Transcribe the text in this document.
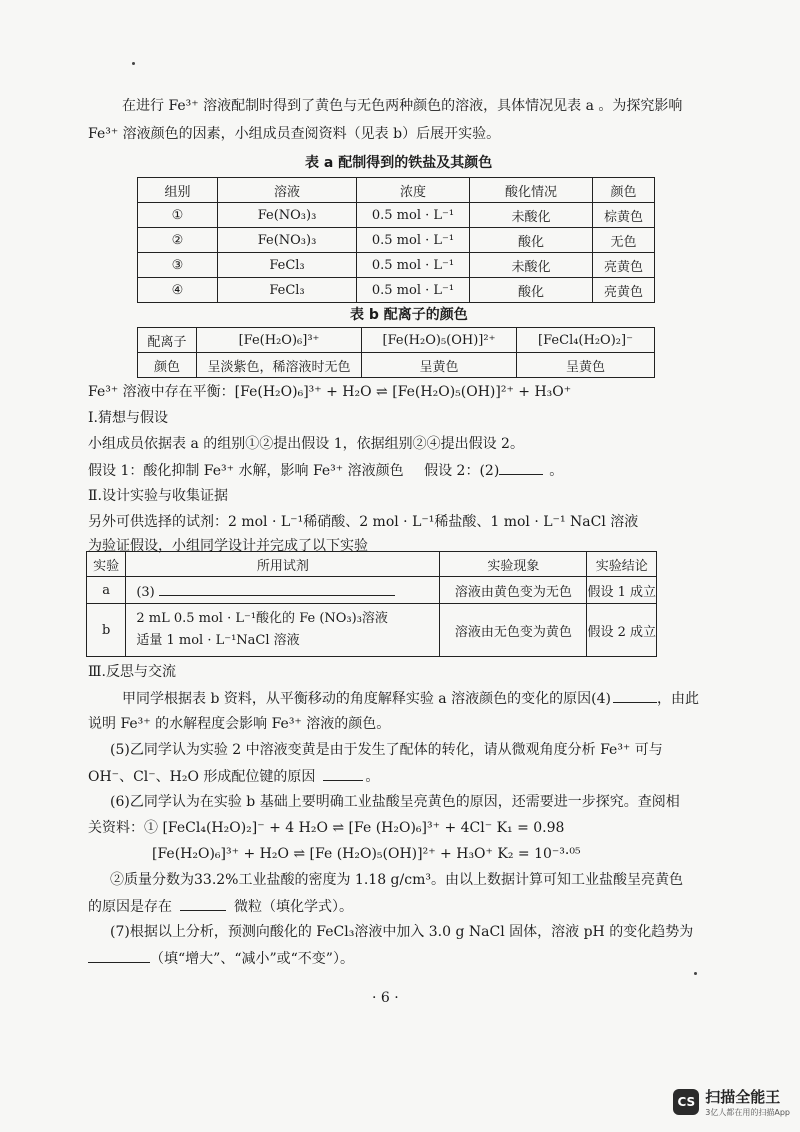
在进行 Fe³⁺ 溶液配制时得到了黄色与无色两种颜色的溶液，具体情况见表 a 。为探究影响
Fe³⁺ 溶液颜色的因素，小组成员查阅资料（见表 b）后展开实验。
表 a 配制得到的铁盐及其颜色
组别	溶液	浓度	酸化情况	颜色
①	Fe(NO₃)₃	0.5 mol · L⁻¹	未酸化	棕黄色
②	Fe(NO₃)₃	0.5 mol · L⁻¹	酸化	无色
③	FeCl₃	0.5 mol · L⁻¹	未酸化	亮黄色
④	FeCl₃	0.5 mol · L⁻¹	酸化	亮黄色
表 b 配离子的颜色
配离子	[Fe(H₂O)₆]³⁺	[Fe(H₂O)₅(OH)]²⁺	[FeCl₄(H₂O)₂]⁻
颜色	呈淡紫色，稀溶液时无色	呈黄色	呈黄色
Fe³⁺ 溶液中存在平衡：[Fe(H₂O)₆]³⁺ + H₂O ⇌ [Fe(H₂O)₅(OH)]²⁺ + H₃O⁺
Ⅰ.猜想与假设
小组成员依据表 a 的组别①②提出假设 1，依据组别②④提出假设 2。
假设 1：酸化抑制 Fe³⁺ 水解，影响 Fe³⁺ 溶液颜色 假设 2：(2)	。
Ⅱ.设计实验与收集证据
另外可供选择的试剂：2 mol · L⁻¹稀硝酸、2 mol · L⁻¹稀盐酸、1 mol · L⁻¹ NaCl 溶液
为验证假设，小组同学设计并完成了以下实验
实验	所用试剂	实验现象	实验结论
a	(3)	溶液由黄色变为无色	假设 1 成立
b	2 mL 0.5 mol · L⁻¹酸化的 Fe (NO₃)₃溶液
适量 1 mol · L⁻¹NaCl 溶液	溶液由无色变为黄色	假设 2 成立
Ⅲ.反思与交流
甲同学根据表 b 资料，从平衡移动的角度解释实验 a 溶液颜色的变化的原因(4)	，由此
说明 Fe³⁺ 的水解程度会影响 Fe³⁺ 溶液的颜色。
(5)乙同学认为实验 2 中溶液变黄是由于发生了配体的转化，请从微观角度分析 Fe³⁺ 可与
OH⁻、Cl⁻、H₂O 形成配位键的原因	。
(6)乙同学认为在实验 b 基础上要明确工业盐酸呈亮黄色的原因，还需要进一步探究。查阅相
关资料：① [FeCl₄(H₂O)₂]⁻ + 4 H₂O ⇌ [Fe (H₂O)₆]³⁺ + 4Cl⁻ K₁ = 0.98
[Fe(H₂O)₆]³⁺ + H₂O ⇌ [Fe (H₂O)₅(OH)]²⁺ + H₃O⁺ K₂ = 10⁻³·⁰⁵
②质量分数为33.2%工业盐酸的密度为 1.18 g/cm³。由以上数据计算可知工业盐酸呈亮黄色
的原因是存在	微粒（填化学式）。
(7)根据以上分析，预测向酸化的 FeCl₃溶液中加入 3.0 g NaCl 固体，溶液 pH 的变化趋势为
（填“增大”、“减小”或“不变”）。
· 6 ·
CS 扫描全能王
3亿人都在用的扫描App
